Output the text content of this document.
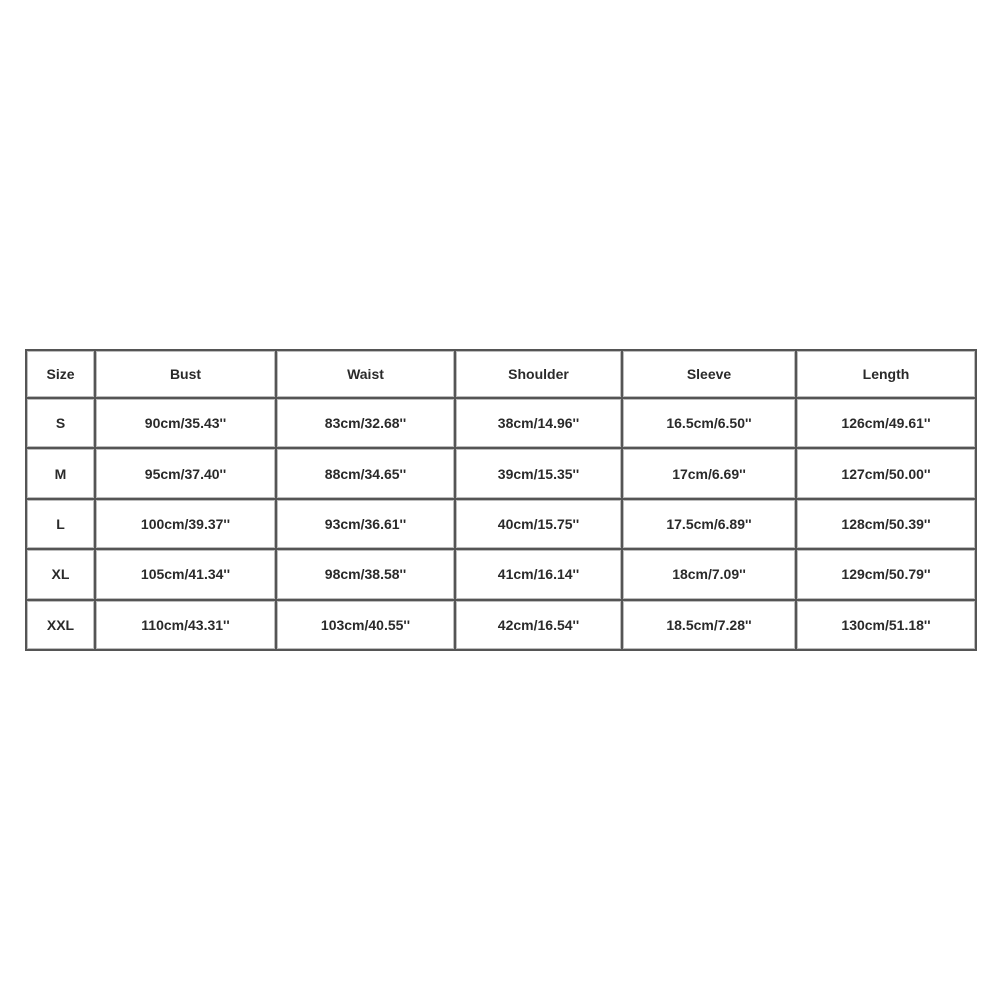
Size	Bust	Waist	Shoulder	Sleeve	Length
S	90cm/35.43''	83cm/32.68''	38cm/14.96''	16.5cm/6.50''	126cm/49.61''
M	95cm/37.40''	88cm/34.65''	39cm/15.35''	17cm/6.69''	127cm/50.00''
L	100cm/39.37''	93cm/36.61''	40cm/15.75''	17.5cm/6.89''	128cm/50.39''
XL	105cm/41.34''	98cm/38.58''	41cm/16.14''	18cm/7.09''	129cm/50.79''
XXL	110cm/43.31''	103cm/40.55''	42cm/16.54''	18.5cm/7.28''	130cm/51.18''
